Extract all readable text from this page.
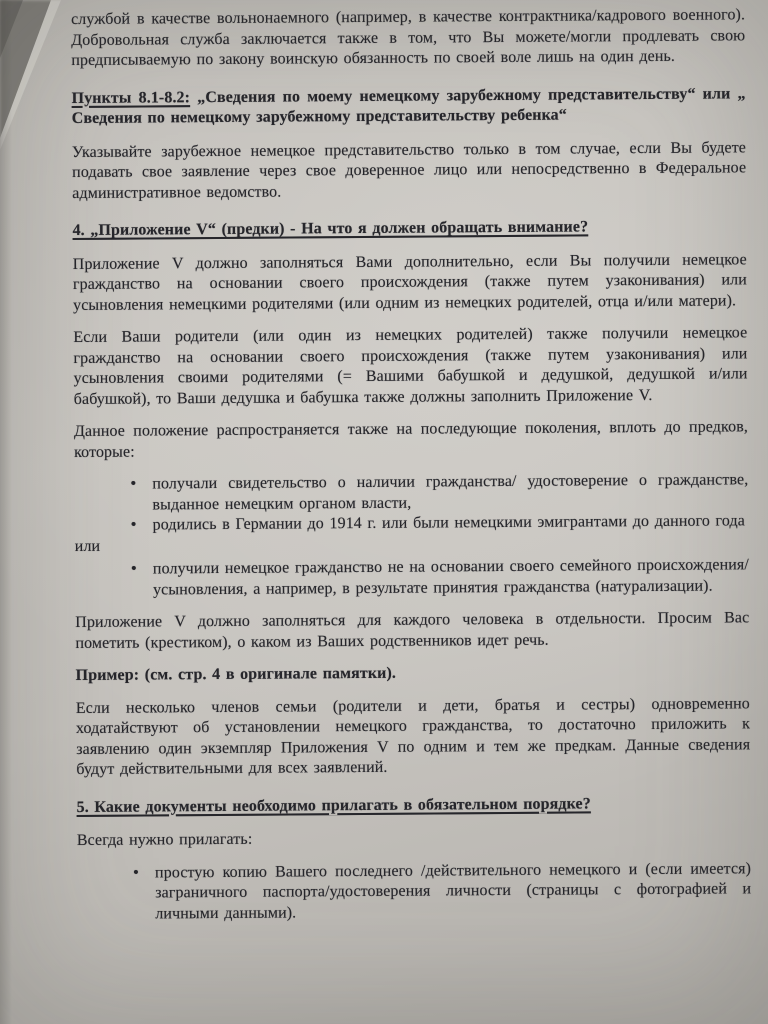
службой в качестве вольнонаемного (например, в качестве контрактника/кадрового военного). Добровольная служба заключается также в том, что Вы можете/могли продлевать свою предписываемую по закону воинскую обязанность по своей воле лишь на один день.

Пункты 8.1-8.2: „Сведения по моему немецкому зарубежному представительству“ или „ Сведения по немецкому зарубежному представительству ребенка“

Указывайте зарубежное немецкое представительство только в том случае, если Вы будете подавать свое заявление через свое доверенное лицо или непосредственно в Федеральное административное ведомство.

4. „Приложение V“ (предки) - На что я должен обращать внимание?

Приложение V должно заполняться Вами дополнительно, если Вы получили немецкое гражданство на основании своего происхождения (также путем узаконивания) или усыновления немецкими родителями (или одним из немецких родителей, отца и/или матери).

Если Ваши родители (или один из немецких родителей) также получили немецкое гражданство на основании своего происхождения (также путем узаконивания) или усыновления своими родителями (= Вашими бабушкой и дедушкой, дедушкой и/или бабушкой), то Ваши дедушка и бабушка также должны заполнить Приложение V.

Данное положение распространяется также на последующие поколения, вплоть до предков, которые:

• получали свидетельство о наличии гражданства/ удостоверение о гражданстве, выданное немецким органом власти,
• родились в Германии до 1914 г. или были немецкими эмигрантами до данного года

или

• получили немецкое гражданство не на основании своего семейного происхождения/усыновления, а например, в результате принятия гражданства (натурализации).

Приложение V должно заполняться для каждого человека в отдельности. Просим Вас пометить (крестиком), о каком из Ваших родственников идет речь.

Пример: (см. стр. 4 в оригинале памятки).

Если несколько членов семьи (родители и дети, братья и сестры) одновременно ходатайствуют об установлении немецкого гражданства, то достаточно приложить к заявлению один экземпляр Приложения V по одним и тем же предкам. Данные сведения будут действительными для всех заявлений.

5. Какие документы необходимо прилагать в обязательном порядке?

Всегда нужно прилагать:

• простую копию Вашего последнего /действительного немецкого и (если имеется) заграничного паспорта/удостоверения личности (страницы с фотографией и личными данными).
